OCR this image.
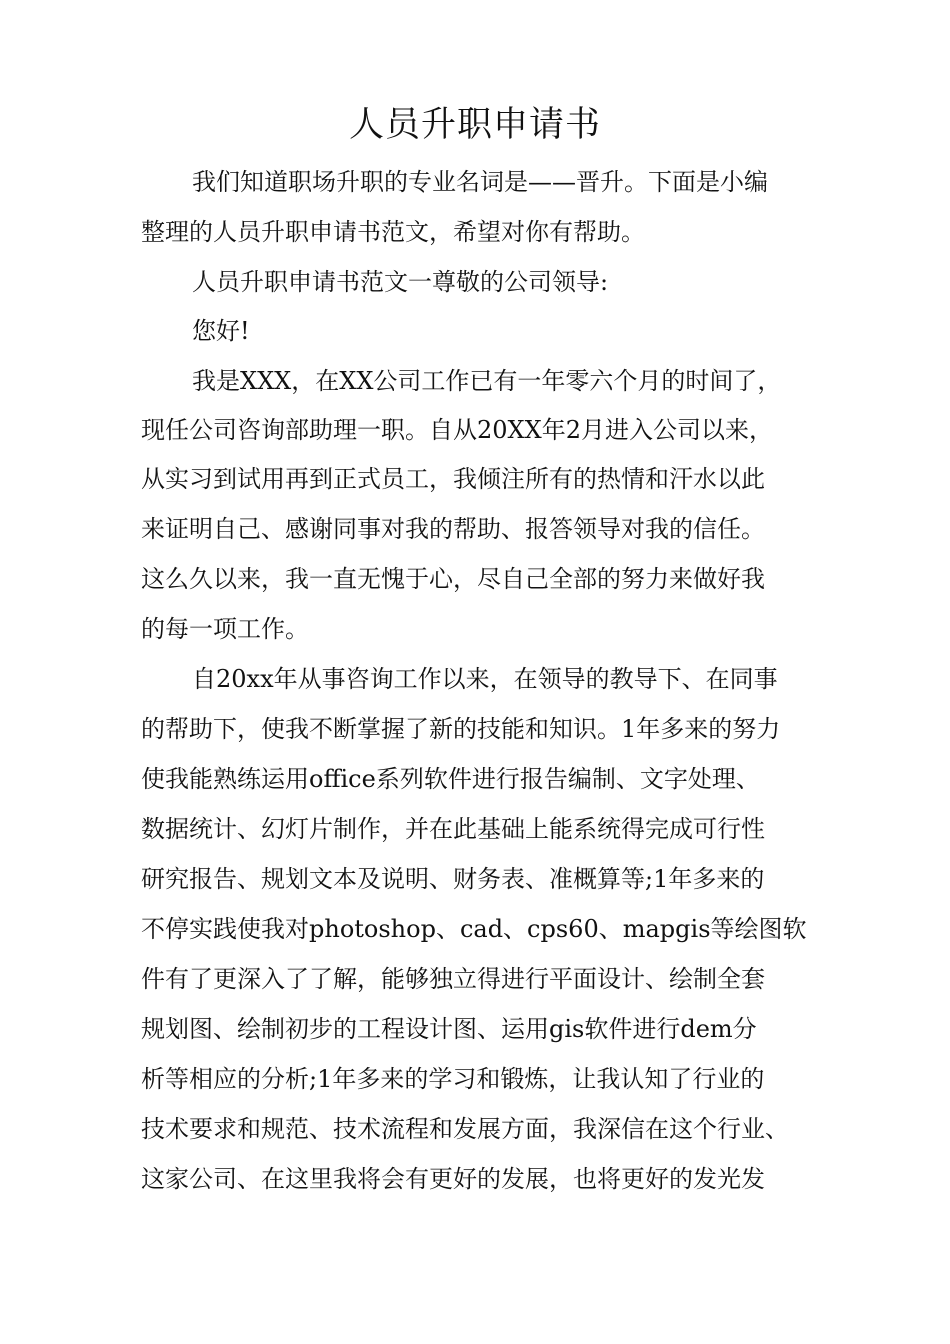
人员升职申请书
我们知道职场升职的专业名词是——晋升。下面是小编
整理的人员升职申请书范文，希望对你有帮助。
人员升职申请书范文一尊敬的公司领导:
您好!
我是XXX，在XX公司工作已有一年零六个月的时间了，
现任公司咨询部助理一职。自从20XX年2月进入公司以来，
从实习到试用再到正式员工，我倾注所有的热情和汗水以此
来证明自己、感谢同事对我的帮助、报答领导对我的信任。
这么久以来，我一直无愧于心，尽自己全部的努力来做好我
的每一项工作。
自20xx年从事咨询工作以来，在领导的教导下、在同事
的帮助下，使我不断掌握了新的技能和知识。1年多来的努力
使我能熟练运用office系列软件进行报告编制、文字处理、
数据统计、幻灯片制作，并在此基础上能系统得完成可行性
研究报告、规划文本及说明、财务表、准概算等;1年多来的
不停实践使我对photoshop、cad、cps60、mapgis等绘图软
件有了更深入了了解，能够独立得进行平面设计、绘制全套
规划图、绘制初步的工程设计图、运用gis软件进行dem分
析等相应的分析;1年多来的学习和锻炼，让我认知了行业的
技术要求和规范、技术流程和发展方面，我深信在这个行业、
这家公司、在这里我将会有更好的发展，也将更好的发光发
